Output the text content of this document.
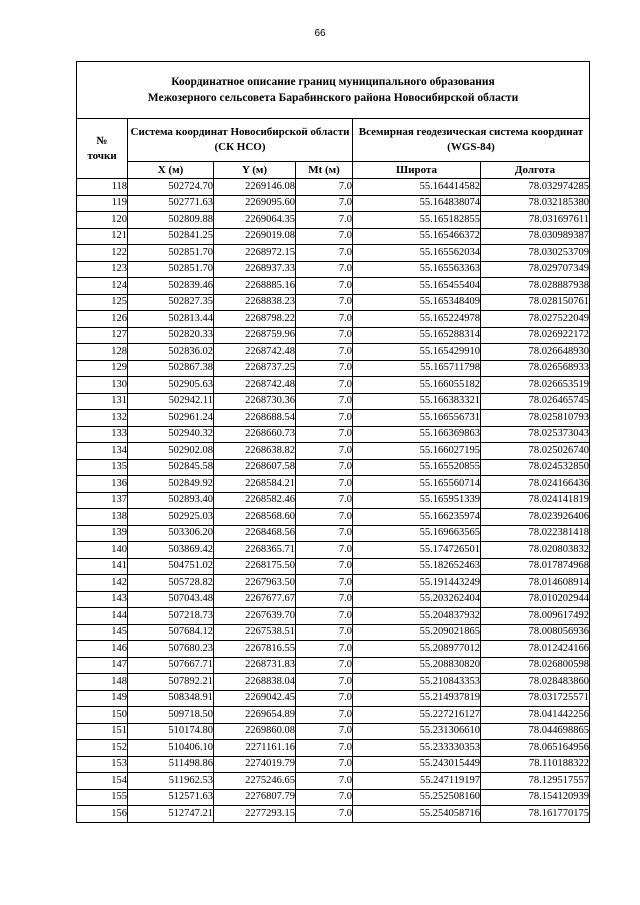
66
Координатное описание границ муниципального образования
Межозерного сельсовета Барабинского района Новосибирской области					

№
точки	Система координат Новосибирской области (СК НСО)			Всемирная геодезическая система координат (WGS-84)	
	X (м)	Y (м)	Mt (м)	Широта	Долгота
118	502724.70	2269146.08	7.0	55.164414582	78.032974285
119	502771.63	2269095.60	7.0	55.164838074	78.032185380
120	502809.88	2269064.35	7.0	55.165182855	78.031697611
121	502841.25	2269019.08	7.0	55.165466372	78.030989387
122	502851.70	2268972.15	7.0	55.165562034	78.030253709
123	502851.70	2268937.33	7.0	55.165563363	78.029707349
124	502839.46	2268885.16	7.0	55.165455404	78.028887938
125	502827.35	2268838.23	7.0	55.165348409	78.028150761
126	502813.44	2268798.22	7.0	55.165224978	78.027522049
127	502820.33	2268759.96	7.0	55.165288314	78.026922172
128	502836.02	2268742.48	7.0	55.165429910	78.026648930
129	502867.38	2268737.25	7.0	55.165711798	78.026568933
130	502905.63	2268742.48	7.0	55.166055182	78.026653519
131	502942.11	2268730.36	7.0	55.166383321	78.026465745
132	502961.24	2268688.54	7.0	55.166556731	78.025810793
133	502940.32	2268660.73	7.0	55.166369863	78.025373043
134	502902.08	2268638.82	7.0	55.166027195	78.025026740
135	502845.58	2268607.58	7.0	55.165520855	78.024532850
136	502849.92	2268584.21	7.0	55.165560714	78.024166436
137	502893.40	2268582.46	7.0	55.165951339	78.024141819
138	502925.03	2268568.60	7.0	55.166235974	78.023926406
139	503306.20	2268468.56	7.0	55.169663565	78.022381418
140	503869.42	2268365.71	7.0	55.174726501	78.020803832
141	504751.02	2268175.50	7.0	55.182652463	78.017874968
142	505728.82	2267963.50	7.0	55.191443249	78.014608914
143	507043.48	2267677.67	7.0	55.203262404	78.010202944
144	507218.73	2267639.70	7.0	55.204837932	78.009617492
145	507684.12	2267538.51	7.0	55.209021865	78.008056936
146	507680.23	2267816.55	7.0	55.208977012	78.012424166
147	507667.71	2268731.83	7.0	55.208830820	78.026800598
148	507892.21	2268838.04	7.0	55.210843353	78.028483860
149	508348.91	2269042.45	7.0	55.214937819	78.031725571
150	509718.50	2269654.89	7.0	55.227216127	78.041442256
151	510174.80	2269860.08	7.0	55.231306610	78.044698865
152	510406.10	2271161.16	7.0	55.233330353	78.065164956
153	511498.86	2274019.79	7.0	55.243015449	78.110188322
154	511962.53	2275246.65	7.0	55.247119197	78.129517557
155	512571.63	2276807.79	7.0	55.252508160	78.154120939
156	512747.21	2277293.15	7.0	55.254058716	78.161770175
